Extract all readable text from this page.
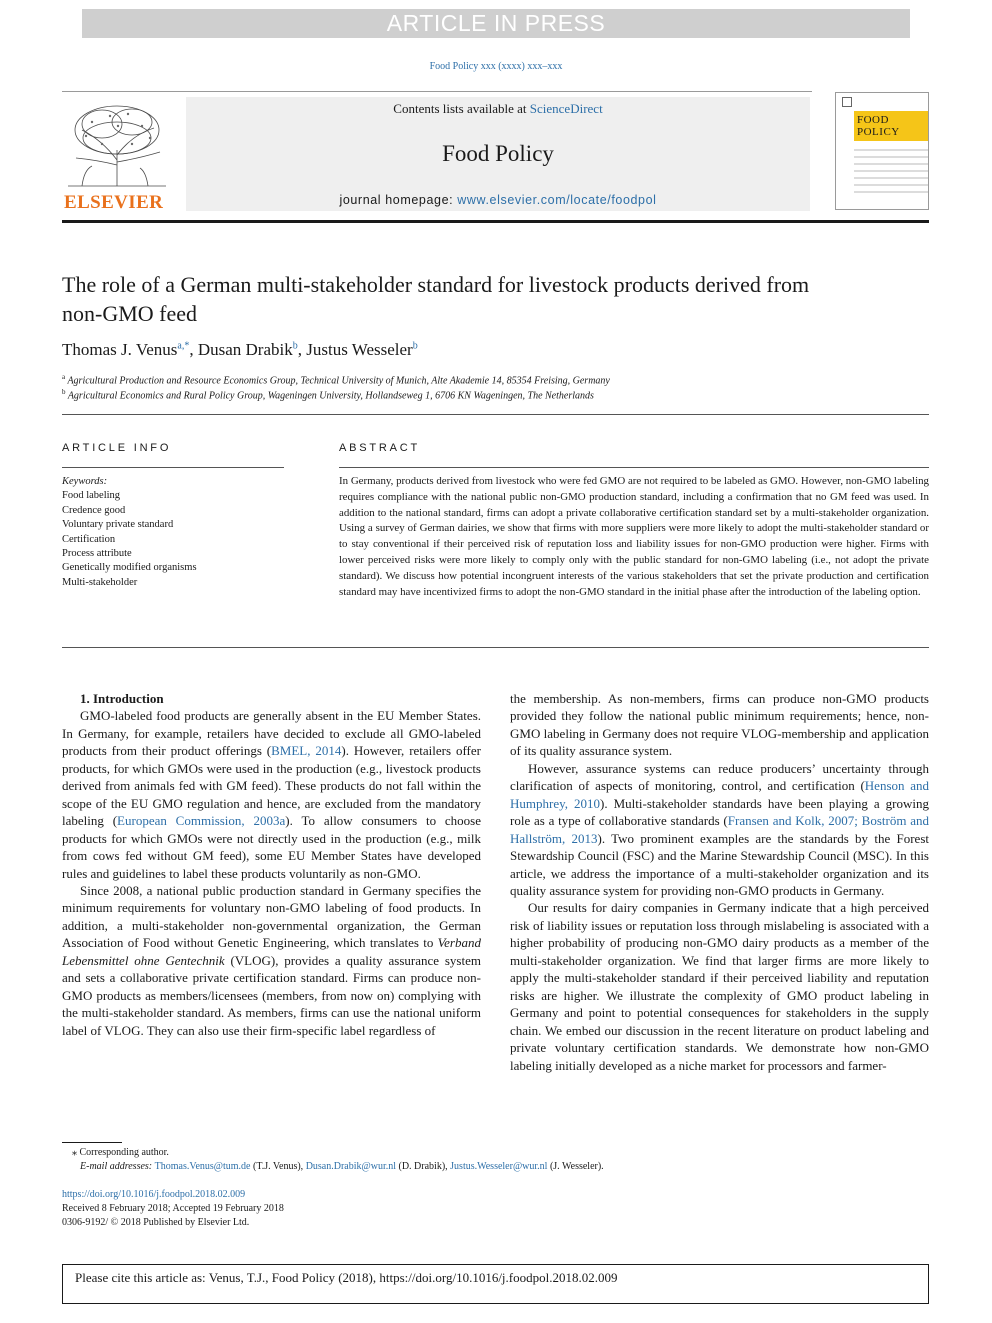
ARTICLE IN PRESS
Food Policy xxx (xxxx) xxx–xxx
ELSEVIER
Contents lists available at ScienceDirect
Food Policy
journal homepage: www.elsevier.com/locate/foodpol
FOOD
POLICY
The role of a German multi-stakeholder standard for livestock products derived from non-GMO feed
Thomas J. Venus$^{a,*}$, Dusan Drabik$^b$, Justus Wesseler$^b$
$^a$ Agricultural Production and Resource Economics Group, Technical University of Munich, Alte Akademie 14, 85354 Freising, Germany
$^b$ Agricultural Economics and Rural Policy Group, Wageningen University, Hollandseweg 1, 6706 KN Wageningen, The Netherlands
ARTICLE INFO	ABSTRACT
Keywords:
Food labeling
Credence good
Voluntary private standard
Certification
Process attribute
Genetically modified organisms
Multi-stakeholder
In Germany, products derived from livestock who were fed GMO are not required to be labeled as GMO. However, non-GMO labeling requires compliance with the national public non-GMO production standard, including a confirmation that no GM feed was used. In addition to the national standard, firms can adopt a private collaborative certification standard set by a multi-stakeholder organization. Using a survey of German dairies, we show that firms with more suppliers were more likely to adopt the multi-stakeholder standard or to stay conventional if their perceived risk of reputation loss and liability issues for non-GMO production were higher. Firms with lower perceived risks were more likely to comply only with the public standard for non-GMO labeling (i.e., not adopt the private standard). We discuss how potential incongruent interests of the various stakeholders that set the private production and certification standard may have incentivized firms to adopt the non-GMO standard in the initial phase after the introduction of the labeling option.

1. Introduction

GMO-labeled food products are generally absent in the EU Member States. In Germany, for example, retailers have decided to exclude all GMO-labeled products from their product offerings (BMEL, 2014). However, retailers offer products, for which GMOs were used in the production (e.g., livestock products derived from animals fed with GM feed). These products do not fall within the scope of the EU GMO regulation and hence, are excluded from the mandatory labeling (European Commission, 2003a). To allow consumers to choose products for which GMOs were not directly used in the production (e.g., milk from cows fed without GM feed), some EU Member States have developed rules and guidelines to label these products voluntarily as non-GMO.

Since 2008, a national public production standard in Germany specifies the minimum requirements for voluntary non-GMO labeling of food products. In addition, a multi-stakeholder non-governmental organization, the German Association of Food without Genetic Engineering, which translates to Verband Lebensmittel ohne Gentechnik (VLOG), provides a quality assurance system and sets a collaborative private certification standard. Firms can produce non-GMO products as members/licensees (members, from now on) complying with the multi-stakeholder standard. As members, firms can use the national uniform label of VLOG. They can also use their firm-specific label regardless of

the membership. As non-members, firms can produce non-GMO products provided they follow the national public minimum requirements; hence, non-GMO labeling in Germany does not require VLOG-membership and application of its quality assurance system.

However, assurance systems can reduce producers’ uncertainty through clarification of aspects of monitoring, control, and certification (Henson and Humphrey, 2010). Multi-stakeholder standards have been playing a growing role as a type of collaborative standards (Fransen and Kolk, 2007; Boström and Hallström, 2013). Two prominent examples are the standards by the Forest Stewardship Council (FSC) and the Marine Stewardship Council (MSC). In this article, we address the importance of a multi-stakeholder organization and its quality assurance system for providing non-GMO products in Germany.

Our results for dairy companies in Germany indicate that a high perceived risk of liability issues or reputation loss through mislabeling is associated with a higher probability of producing non-GMO dairy products as a member of the multi-stakeholder organization. We find that larger firms are more likely to apply the multi-stakeholder standard if their perceived liability and reputation risks are higher. We illustrate the complexity of GMO product labeling in Germany and point to potential consequences for stakeholders in the supply chain. We embed our discussion in the recent literature on product labeling and private voluntary certification standards. We demonstrate how non-GMO labeling initially developed as a niche market for processors and farmer-

⁎ Corresponding author.
E-mail addresses: Thomas.Venus@tum.de (T.J. Venus), Dusan.Drabik@wur.nl (D. Drabik), Justus.Wesseler@wur.nl (J. Wesseler).
https://doi.org/10.1016/j.foodpol.2018.02.009
Received 8 February 2018; Accepted 19 February 2018
0306-9192/ © 2018 Published by Elsevier Ltd.
Please cite this article as: Venus, T.J., Food Policy (2018), https://doi.org/10.1016/j.foodpol.2018.02.009
